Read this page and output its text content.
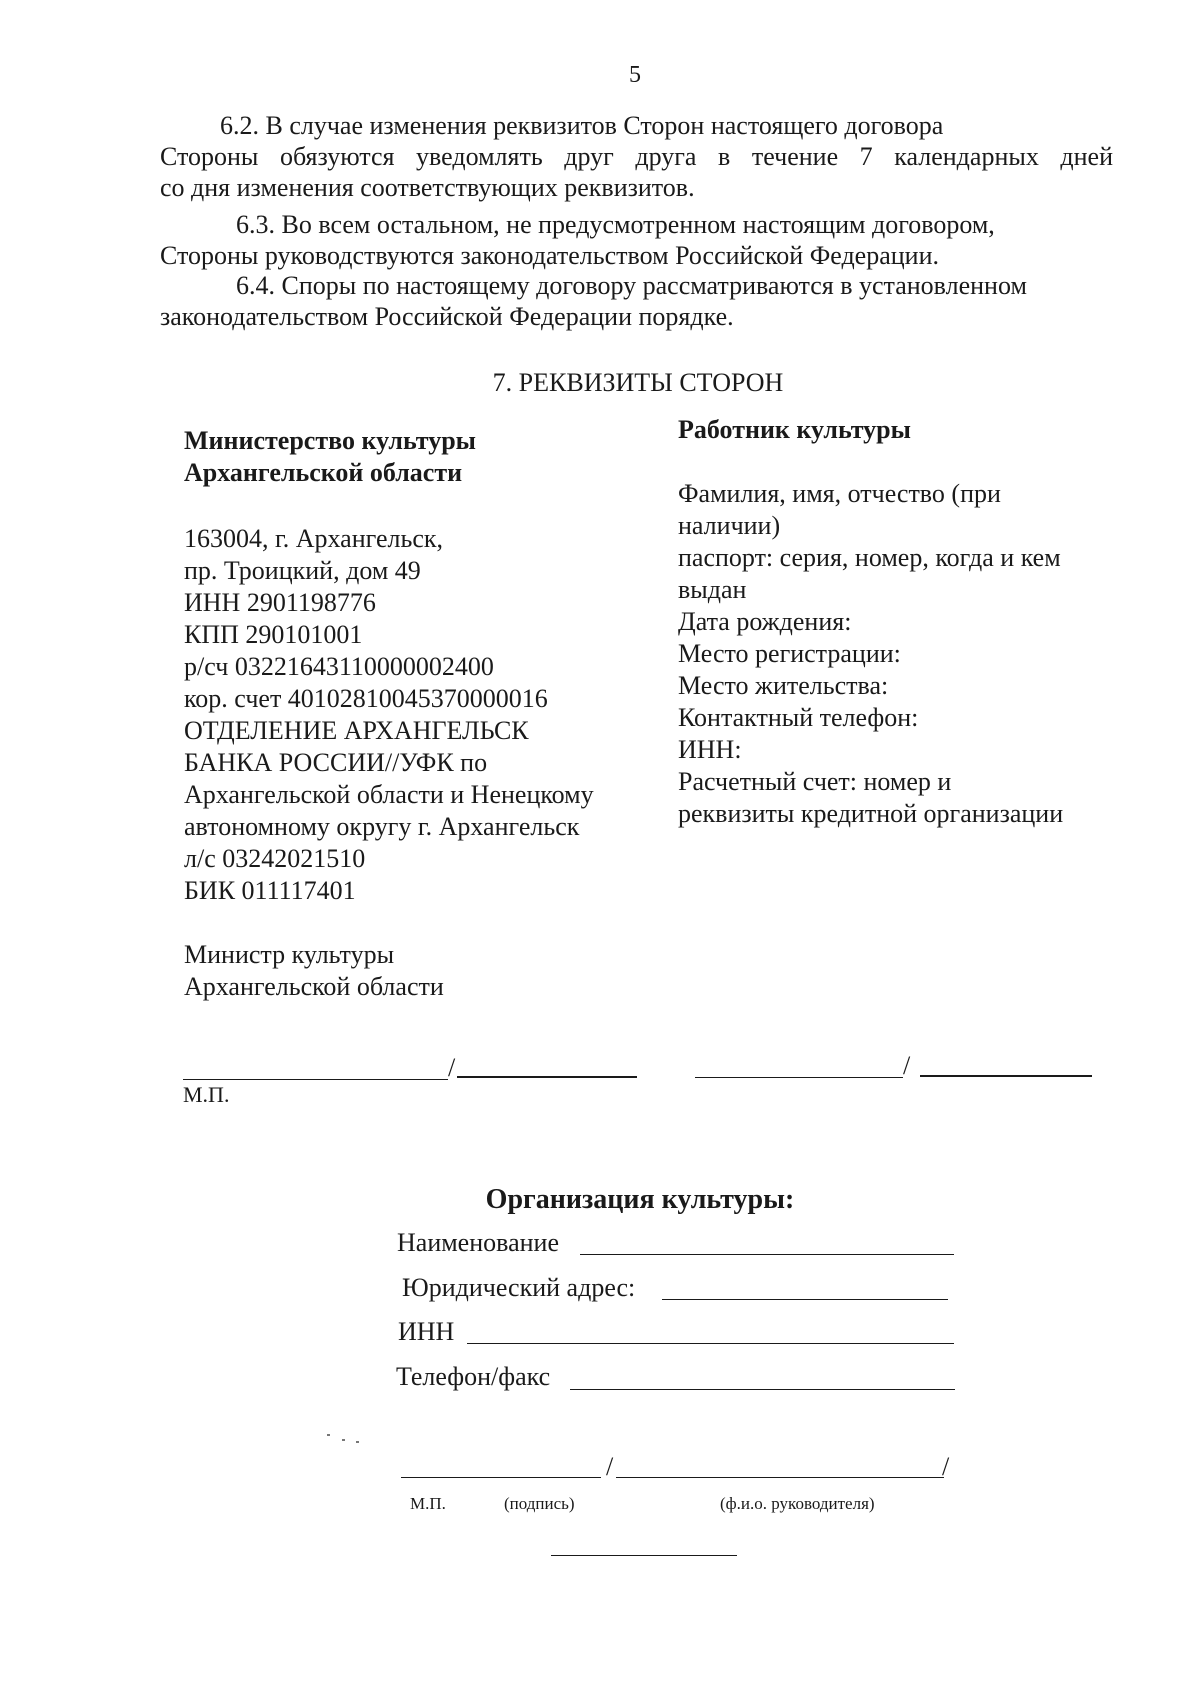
5
6.2. В случае изменения реквизитов Сторон настоящего договора
Стороны обязуются уведомлять друг друга в течение 7 календарных дней
со дня изменения соответствующих реквизитов.
6.3. Во всем остальном, не предусмотренном настоящим договором,
Стороны руководствуются законодательством Российской Федерации.
6.4. Споры по настоящему договору рассматриваются в установленном
законодательством Российской Федерации порядке.
7. РЕКВИЗИТЫ СТОРОН
Министерство культуры
Архангельской области
163004, г. Архангельск,
пр. Троицкий, дом 49
ИНН 2901198776
КПП 290101001
р/сч 03221643110000002400
кор. счет 40102810045370000016
ОТДЕЛЕНИЕ АРХАНГЕЛЬСК
БАНКА РОССИИ//УФК по
Архангельской области и Ненецкому
автономному округу г. Архангельск
л/с 03242021510
БИК 011117401
Министр культуры
Архангельской области
Работник культуры
Фамилия, имя, отчество (при
наличии)
паспорт: серия, номер, когда и кем
выдан
Дата рождения:
Место регистрации:
Место жительства:
Контактный телефон:
ИНН:
Расчетный счет: номер и
реквизиты кредитной организации
/
М.П.
/
Организация культуры:
Наименование
Юридический адрес:
ИНН
Телефон/факс
/	/
М.П.	(подпись)	(ф.и.о. руководителя)
